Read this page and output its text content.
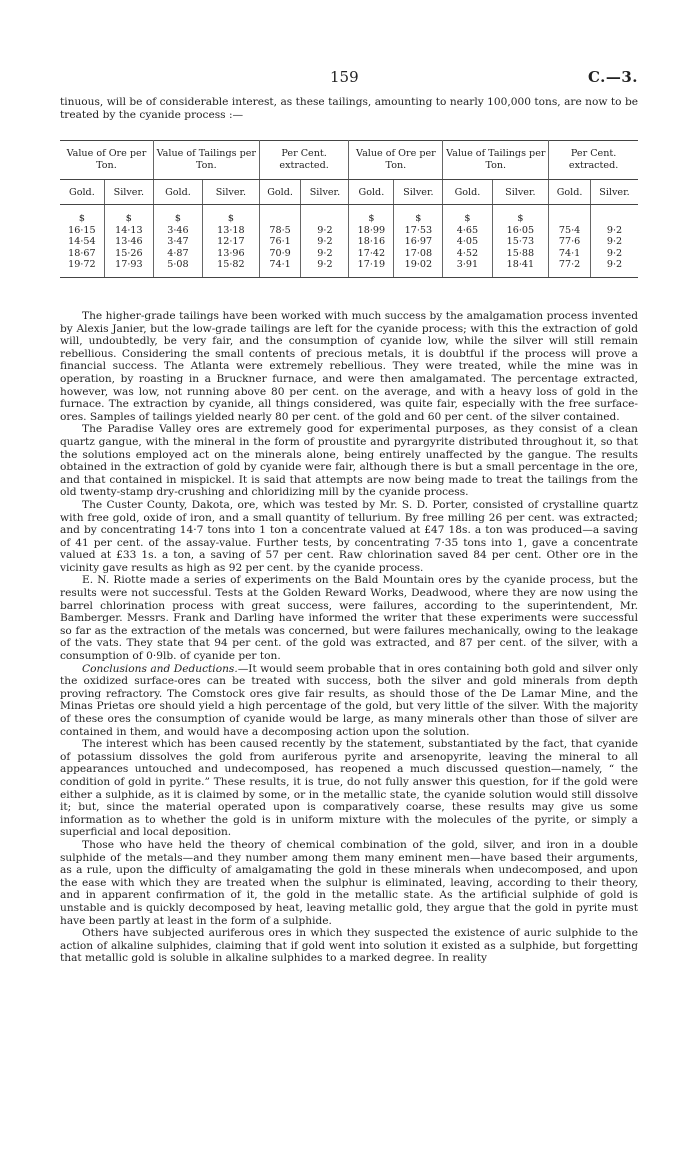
159	C.—3.
tinuous, will be of considerable interest, as these tailings, amounting to nearly 100,000 tons, are now to be treated by the cyanide process :—
Value of Ore per Ton.		Value of Tailings per Ton.		Per Cent. extracted.		Value of Ore per Ton.		Value of Tailings per Ton.		Per Cent. extracted.	
Gold.	Silver.	Gold.	Silver.	Gold.	Silver.	Gold.	Silver.	Gold.	Silver.	Gold.	Silver.
$	$	$	$			$	$	$	$		
16·15	14·13	3·46	13·18	78·5	9·2	18·99	17·53	4·65	16·05	75·4	9·2
14·54	13·46	3·47	12·17	76·1	9·2	18·16	16·97	4·05	15·73	77·6	9·2
18·67	15·26	4·87	13·96	70·9	9·2	17·42	17·08	4·52	15·88	74·1	9·2
19·72	17·93	5·08	15·82	74·1	9·2	17·19	19·02	3·91	18·41	77·2	9·2

The higher-grade tailings have been worked with much success by the amalgamation process invented by Alexis Janier, but the low-grade tailings are left for the cyanide process; with this the extraction of gold will, undoubtedly, be very fair, and the consumption of cyanide low, while the silver will still remain rebellious. Considering the small contents of precious metals, it is doubtful if the process will prove a financial success. The Atlanta were extremely rebellious. They were treated, while the mine was in operation, by roasting in a Bruckner furnace, and were then amalgamated. The percentage extracted, however, was low, not running above 80 per cent. on the average, and with a heavy loss of gold in the furnace. The extraction by cyanide, all things considered, was quite fair, especially with the free surface-ores. Samples of tailings yielded nearly 80 per cent. of the gold and 60 per cent. of the silver contained.

The Paradise Valley ores are extremely good for experimental purposes, as they consist of a clean quartz gangue, with the mineral in the form of proustite and pyrargyrite distributed throughout it, so that the solutions employed act on the minerals alone, being entirely unaffected by the gangue. The results obtained in the extraction of gold by cyanide were fair, although there is but a small percentage in the ore, and that contained in mispickel. It is said that attempts are now being made to treat the tailings from the old twenty-stamp dry-crushing and chloridizing mill by the cyanide process.

The Custer County, Dakota, ore, which was tested by Mr. S. D. Porter, consisted of crystalline quartz with free gold, oxide of iron, and a small quantity of tellurium. By free milling 26 per cent. was extracted; and by concentrating 14·7 tons into 1 ton a concentrate valued at £47 18s. a ton was produced—a saving of 41 per cent. of the assay-value. Further tests, by concentrating 7·35 tons into 1, gave a concentrate valued at £33 1s. a ton, a saving of 57 per cent. Raw chlorination saved 84 per cent. Other ore in the vicinity gave results as high as 92 per cent. by the cyanide process.

E. N. Riotte made a series of experiments on the Bald Mountain ores by the cyanide process, but the results were not successful. Tests at the Golden Reward Works, Deadwood, where they are now using the barrel chlorination process with great success, were failures, according to the superintendent, Mr. Bamberger. Messrs. Frank and Darling have informed the writer that these experiments were successful so far as the extraction of the metals was concerned, but were failures mechanically, owing to the leakage of the vats. They state that 94 per cent. of the gold was extracted, and 87 per cent. of the silver, with a consumption of 0·9lb. of cyanide per ton.

Conclusions and Deductions.—It would seem probable that in ores containing both gold and silver only the oxidized surface-ores can be treated with success, both the silver and gold minerals from depth proving refractory. The Comstock ores give fair results, as should those of the De Lamar Mine, and the Minas Prietas ore should yield a high percentage of the gold, but very little of the silver. With the majority of these ores the consumption of cyanide would be large, as many minerals other than those of silver are contained in them, and would have a decomposing action upon the solution.

The interest which has been caused recently by the statement, substantiated by the fact, that cyanide of potassium dissolves the gold from auriferous pyrite and arsenopyrite, leaving the mineral to all appearances untouched and undecomposed, has reopened a much discussed question—namely, “ the condition of gold in pyrite.” These results, it is true, do not fully answer this question, for if the gold were either a sulphide, as it is claimed by some, or in the metallic state, the cyanide solution would still dissolve it; but, since the material operated upon is comparatively coarse, these results may give us some information as to whether the gold is in uniform mixture with the molecules of the pyrite, or simply a superficial and local deposition.

Those who have held the theory of chemical combination of the gold, silver, and iron in a double sulphide of the metals—and they number among them many eminent men—have based their arguments, as a rule, upon the difficulty of amalgamating the gold in these minerals when undecomposed, and upon the ease with which they are treated when the sulphur is eliminated, leaving, according to their theory, and in apparent confirmation of it, the gold in the metallic state. As the artificial sulphide of gold is unstable and is quickly decomposed by heat, leaving metallic gold, they argue that the gold in pyrite must have been partly at least in the form of a sulphide.

Others have subjected auriferous ores in which they suspected the existence of auric sulphide to the action of alkaline sulphides, claiming that if gold went into solution it existed as a sulphide, but forgetting that metallic gold is soluble in alkaline sulphides to a marked degree. In reality
